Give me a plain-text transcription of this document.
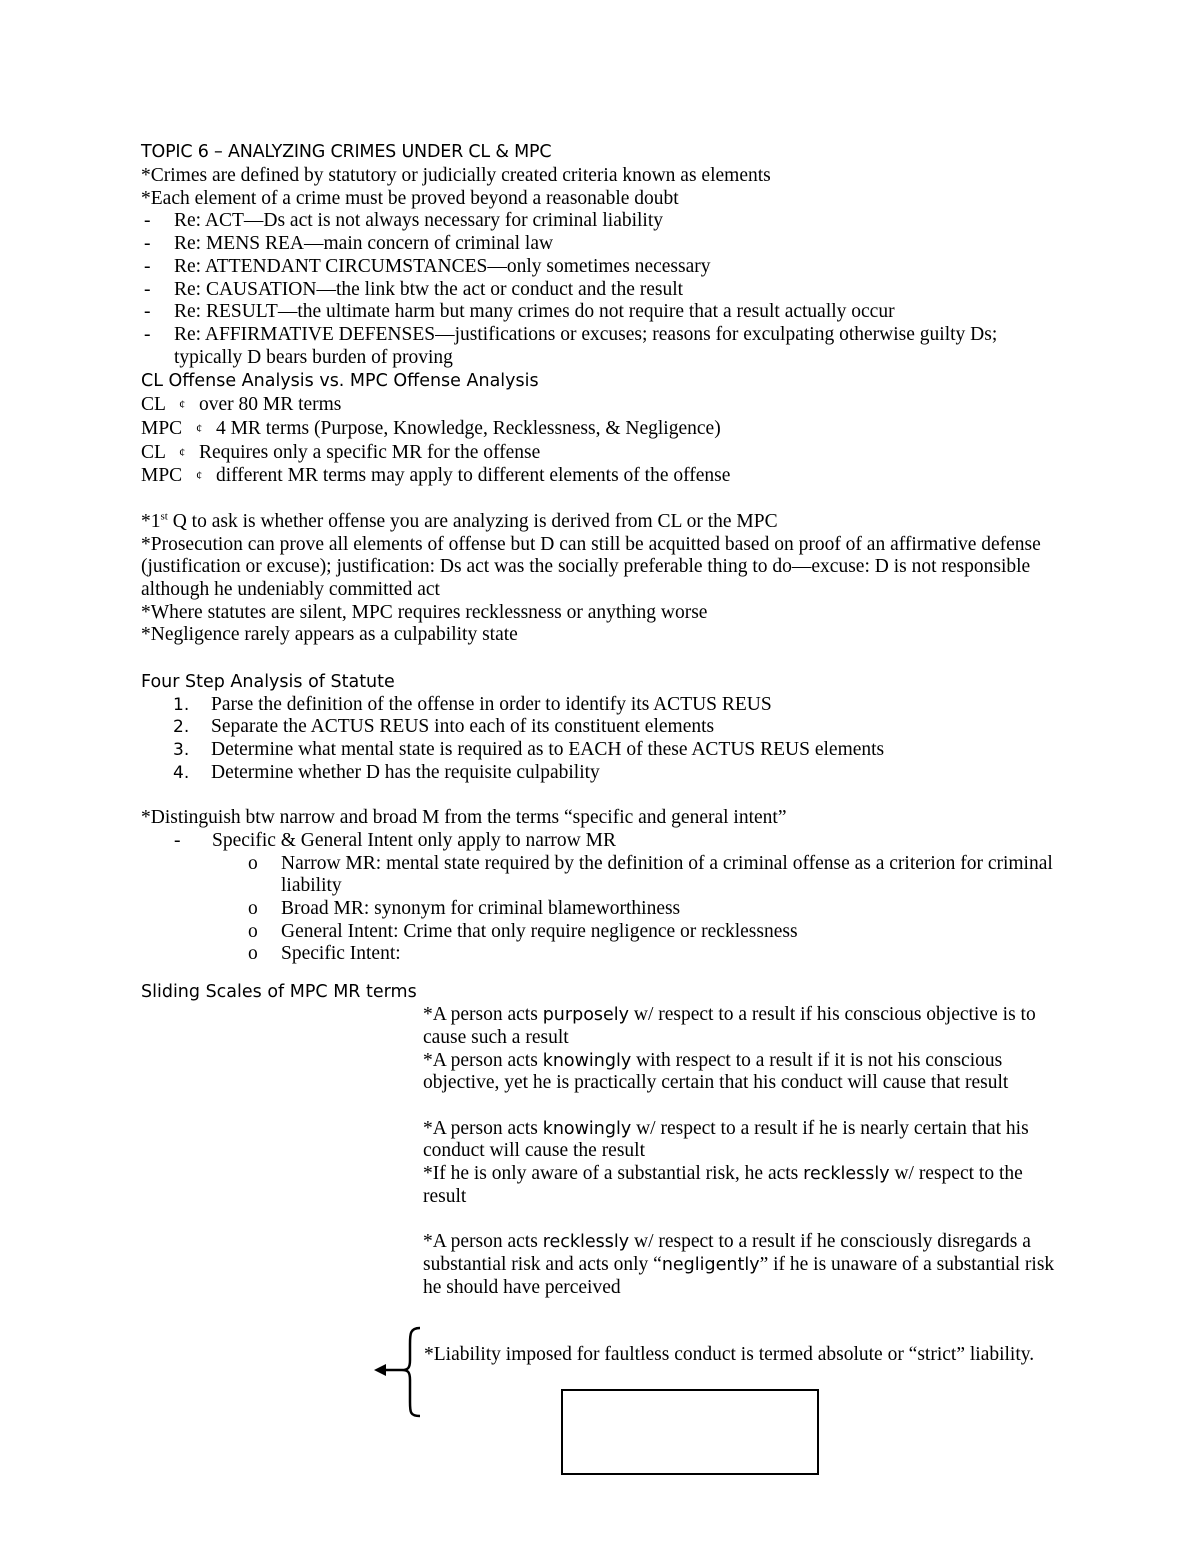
TOPIC 6 – ANALYZING CRIMES UNDER CL & MPC
*Crimes are defined by statutory or judicially created criteria known as elements
*Each element of a crime must be proved beyond a reasonable doubt
- Re: ACT—Ds act is not always necessary for criminal liability
- Re: MENS REA—main concern of criminal law
- Re: ATTENDANT CIRCUMSTANCES—only sometimes necessary
- Re: CAUSATION—the link btw the act or conduct and the result
- Re: RESULT—the ultimate harm but many crimes do not require that a result actually occur
- Re: AFFIRMATIVE DEFENSES—justifications or excuses; reasons for exculpating otherwise guilty Ds; typically D bears burden of proving
CL Offense Analysis vs. MPC Offense Analysis
CL ¢ over 80 MR terms
MPC ¢ 4 MR terms (Purpose, Knowledge, Recklessness, & Negligence)
CL ¢ Requires only a specific MR for the offense
MPC ¢ different MR terms may apply to different elements of the offense
*1st Q to ask is whether offense you are analyzing is derived from CL or the MPC
*Prosecution can prove all elements of offense but D can still be acquitted based on proof of an affirmative defense
(justification or excuse); justification: Ds act was the socially preferable thing to do—excuse: D is not responsible
although he undeniably committed act
*Where statutes are silent, MPC requires recklessness or anything worse
*Negligence rarely appears as a culpability state
Four Step Analysis of Statute
1. Parse the definition of the offense in order to identify its ACTUS REUS
2. Separate the ACTUS REUS into each of its constituent elements
3. Determine what mental state is required as to EACH of these ACTUS REUS elements
4. Determine whether D has the requisite culpability
*Distinguish btw narrow and broad M from the terms “specific and general intent”
-	Specific & General Intent only apply to narrow MR
o Narrow MR: mental state required by the definition of a criminal offense as a criterion for criminal liability
o Broad MR: synonym for criminal blameworthiness
o General Intent: Crime that only require negligence or recklessness
o Specific Intent:
Sliding Scales of MPC MR terms
*A person acts purposely w/ respect to a result if his conscious objective is to cause such a result
*A person acts knowingly with respect to a result if it is not his conscious objective, yet he is practically certain that his conduct will cause that result
*A person acts knowingly w/ respect to a result if he is nearly certain that his conduct will cause the result
*If he is only aware of a substantial risk, he acts recklessly w/ respect to the result
*A person acts recklessly w/ respect to a result if he consciously disregards a substantial risk and acts only “negligently” if he is unaware of a substantial risk he should have perceived
*Liability imposed for faultless conduct is termed absolute or “strict” liability.
